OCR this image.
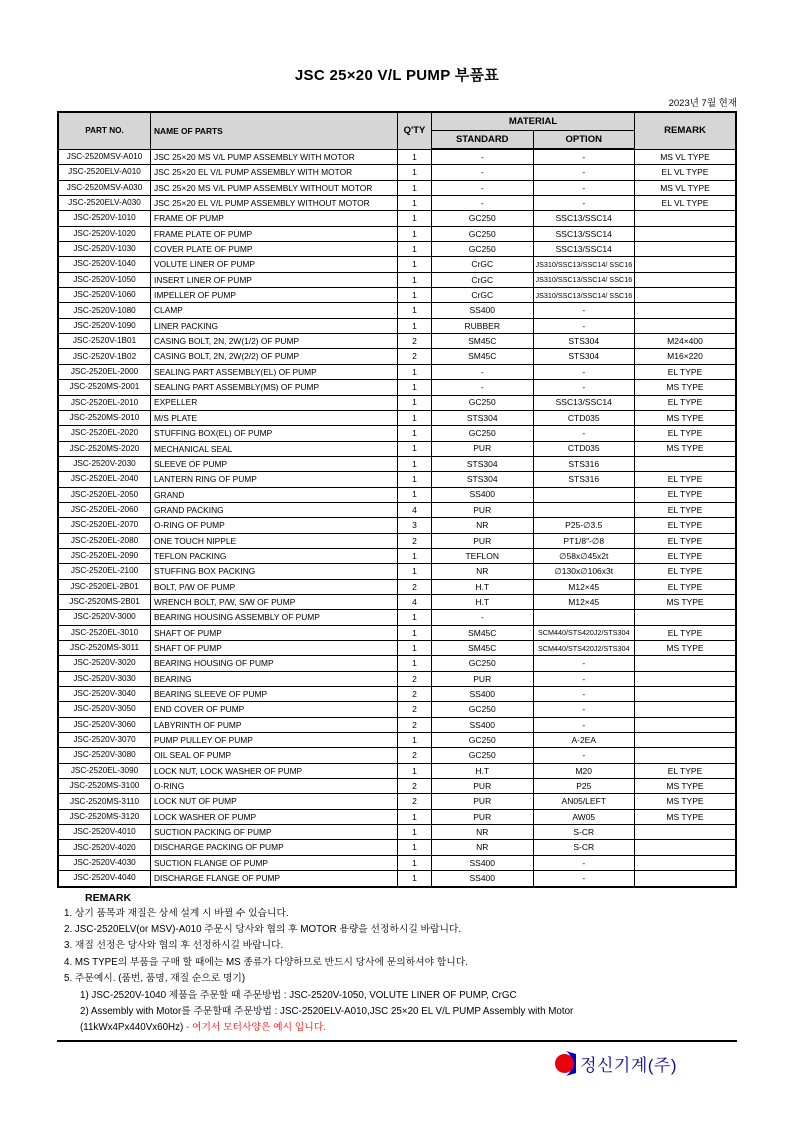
JSC 25×20 V/L PUMP 부품표
2023년 7월 현재
PART NO.	NAME OF PARTS	Q'TY	MATERIAL		REMARK
			STANDARD	OPTION	
JSC-2520MSV-A010	JSC 25×20 MS V/L PUMP ASSEMBLY WITH MOTOR	1	-	-	MS VL TYPE
JSC-2520ELV-A010	JSC 25×20 EL V/L PUMP ASSEMBLY WITH MOTOR	1	-	-	EL VL TYPE
JSC-2520MSV-A030	JSC 25×20 MS V/L PUMP ASSEMBLY WITHOUT MOTOR	1	-	-	MS VL TYPE
JSC-2520ELV-A030	JSC 25×20 EL V/L PUMP ASSEMBLY WITHOUT MOTOR	1	-	-	EL VL TYPE
JSC-2520V-1010	FRAME OF PUMP	1	GC250	SSC13/SSC14	
JSC-2520V-1020	FRAME PLATE OF PUMP	1	GC250	SSC13/SSC14	
JSC-2520V-1030	COVER PLATE OF PUMP	1	GC250	SSC13/SSC14	
JSC-2520V-1040	VOLUTE LINER OF PUMP	1	CrGC	JS310/SSC13/SSC14/ SSC16	
JSC-2520V-1050	INSERT LINER OF PUMP	1	CrGC	JS310/SSC13/SSC14/ SSC16	
JSC-2520V-1060	IMPELLER OF PUMP	1	CrGC	JS310/SSC13/SSC14/ SSC16	
JSC-2520V-1080	CLAMP	1	SS400	-	
JSC-2520V-1090	LINER PACKING	1	RUBBER	-	
JSC-2520V-1B01	CASING BOLT, 2N, 2W(1/2) OF PUMP	2	SM45C	STS304	M24×400
JSC-2520V-1B02	CASING BOLT, 2N, 2W(2/2) OF PUMP	2	SM45C	STS304	M16×220
JSC-2520EL-2000	SEALING PART ASSEMBLY(EL) OF PUMP	1	-	-	EL TYPE
JSC-2520MS-2001	SEALING PART ASSEMBLY(MS) OF PUMP	1	-	-	MS TYPE
JSC-2520EL-2010	EXPELLER	1	GC250	SSC13/SSC14	EL TYPE
JSC-2520MS-2010	M/S PLATE	1	STS304	CTD035	MS TYPE
JSC-2520EL-2020	STUFFING BOX(EL) OF PUMP	1	GC250	-	EL TYPE
JSC-2520MS-2020	MECHANICAL SEAL	1	PUR	CTD035	MS TYPE
JSC-2520V-2030	SLEEVE OF PUMP	1	STS304	STS316	
JSC-2520EL-2040	LANTERN RING OF PUMP	1	STS304	STS316	EL TYPE
JSC-2520EL-2050	GRAND	1	SS400		EL TYPE
JSC-2520EL-2060	GRAND PACKING	4	PUR		EL TYPE
JSC-2520EL-2070	O-RING OF PUMP	3	NR	P25-∅3.5	EL TYPE
JSC-2520EL-2080	ONE TOUCH NIPPLE	2	PUR	PT1/8"-∅8	EL TYPE
JSC-2520EL-2090	TEFLON PACKING	1	TEFLON	∅58x∅45x2t	EL TYPE
JSC-2520EL-2100	STUFFING BOX PACKING	1	NR	∅130x∅106x3t	EL TYPE
JSC-2520EL-2B01	BOLT, P/W OF PUMP	2	H.T	M12×45	EL TYPE
JSC-2520MS-2B01	WRENCH BOLT, P/W, S/W OF PUMP	4	H.T	M12×45	MS TYPE
JSC-2520V-3000	BEARING HOUSING ASSEMBLY OF PUMP	1	-		
JSC-2520EL-3010	SHAFT OF PUMP	1	SM45C	SCM440/STS420J2/STS304	EL TYPE
JSC-2520MS-3011	SHAFT OF PUMP	1	SM45C	SCM440/STS420J2/STS304	MS TYPE
JSC-2520V-3020	BEARING HOUSING OF PUMP	1	GC250	-	
JSC-2520V-3030	BEARING	2	PUR	-	
JSC-2520V-3040	BEARING SLEEVE OF PUMP	2	SS400	-	
JSC-2520V-3050	END COVER OF PUMP	2	GC250	-	
JSC-2520V-3060	LABYRINTH OF PUMP	2	SS400	-	
JSC-2520V-3070	PUMP PULLEY OF PUMP	1	GC250	A-2EA	
JSC-2520V-3080	OIL SEAL OF PUMP	2	GC250	-	
JSC-2520EL-3090	LOCK NUT, LOCK WASHER OF PUMP	1	H.T	M20	EL TYPE
JSC-2520MS-3100	O-RING	2	PUR	P25	MS TYPE
JSC-2520MS-3110	LOCK NUT OF PUMP	2	PUR	AN05/LEFT	MS TYPE
JSC-2520MS-3120	LOCK WASHER OF PUMP	1	PUR	AW05	MS TYPE
JSC-2520V-4010	SUCTION PACKING OF PUMP	1	NR	S-CR	
JSC-2520V-4020	DISCHARGE PACKING OF PUMP	1	NR	S-CR	
JSC-2520V-4030	SUCTION FLANGE OF PUMP	1	SS400	-	
JSC-2520V-4040	DISCHARGE FLANGE OF PUMP	1	SS400	-	
REMARK
1. 상기 품목과 재질은 상세 설계 시 바뀔 수 있습니다.
2. JSC-2520ELV(or MSV)-A010 주문시 당사와 협의 후 MOTOR 용량을 선정하시길 바랍니다.
3. 재질 선정은 당사와 협의 후 선정하시길 바랍니다.
4. MS TYPE의 부품을 구매 할 때에는 MS 종류가 다양하므로 반드시 당사에 문의하셔야 합니다.
5. 주문예시. (품번, 품명, 재질 순으로 명기)
1) JSC-2520V-1040 제품을 주문할 때 주문방법 : JSC-2520V-1050, VOLUTE LINER OF PUMP, CrGC
2) Assembly with Motor를 주문할때 주문방법 : JSC-2520ELV-A010,JSC 25×20 EL V/L PUMP Assembly with Motor
(11kWx4Px440Vx60Hz) - 여기서 모터사양은 예시 입니다.
정신기계(주)
